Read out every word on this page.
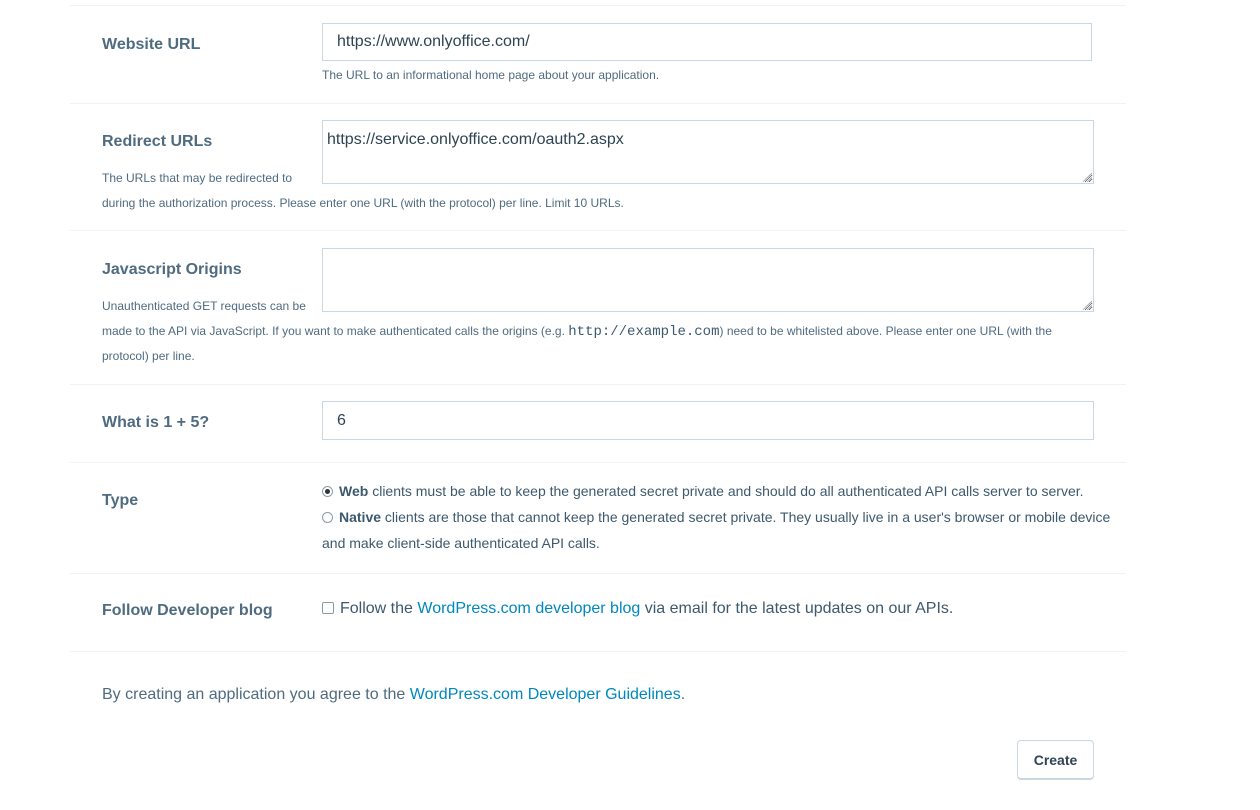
Website URL
https://www.onlyoffice.com/
The URL to an informational home page about your application.
Redirect URLs
https://service.onlyoffice.com/oauth2.aspx
The URLs that may be redirected to
during the authorization process. Please enter one URL (with the protocol) per line. Limit 10 URLs.
Javascript Origins
Unauthenticated GET requests can be
made to the API via JavaScript. If you want to make authenticated calls the origins (e.g. http://example.com) need to be whitelisted above. Please enter one URL (with the
protocol) per line.
What is 1 + 5?
6
Type
Web clients must be able to keep the generated secret private and should do all authenticated API calls server to server.
Native clients are those that cannot keep the generated secret private. They usually live in a user's browser or mobile device
and make client-side authenticated API calls.
Follow Developer blog	Follow the WordPress.com developer blog via email for the latest updates on our APIs.
By creating an application you agree to the WordPress.com Developer Guidelines.
Create
